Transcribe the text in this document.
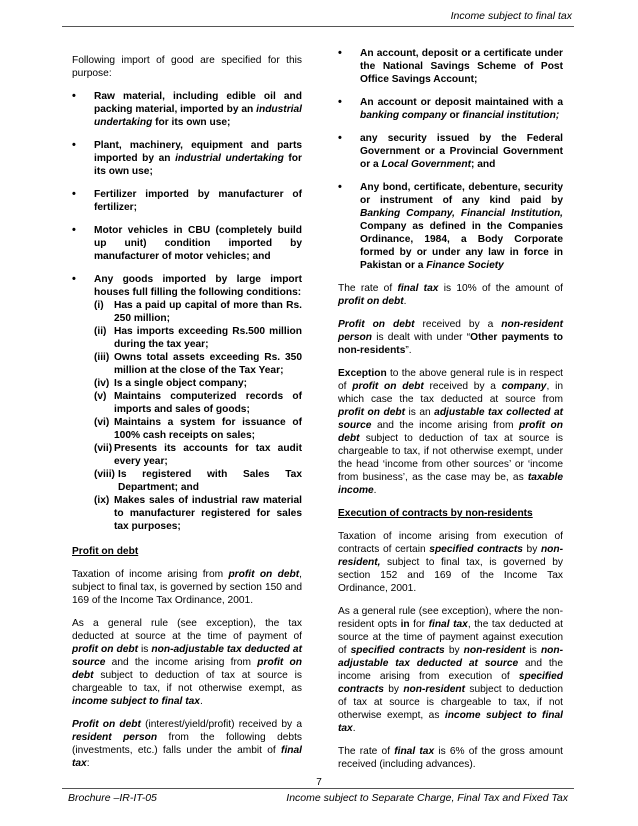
Income subject to final tax

Following import of good are specified for this purpose:

• Raw material, including edible oil and packing material, imported by an industrial undertaking for its own use;
• Plant, machinery, equipment and parts imported by an industrial undertaking for its own use;
• Fertilizer imported by manufacturer of fertilizer;
• Motor vehicles in CBU (completely build up unit) condition imported by manufacturer of motor vehicles; and
• Any goods imported by large import houses full filling the following conditions:
(i) Has a paid up capital of more than Rs. 250 million;
(ii) Has imports exceeding Rs.500 million during the tax year;
(iii) Owns total assets exceeding Rs. 350 million at the close of the Tax Year;
(iv) Is a single object company;
(v) Maintains computerized records of imports and sales of goods;
(vi) Maintains a system for issuance of 100% cash receipts on sales;
(vii) Presents its accounts for tax audit every year;
(viii) Is registered with Sales Tax Department; and
(ix) Makes sales of industrial raw material to manufacturer registered for sales tax purposes;
Profit on debt

Taxation of income arising from profit on debt, subject to final tax, is governed by section 150 and 169 of the Income Tax Ordinance, 2001.

As a general rule (see exception), the tax deducted at source at the time of payment of profit on debt is non-adjustable tax deducted at source and the income arising from profit on debt subject to deduction of tax at source is chargeable to tax, if not otherwise exempt, as income subject to final tax.

Profit on debt (interest/yield/profit) received by a resident person from the following debts (investments, etc.) falls under the ambit of final tax:

• An account, deposit or a certificate under the National Savings Scheme of Post Office Savings Account;
• An account or deposit maintained with a banking company or financial institution;
• any security issued by the Federal Government or a Provincial Government or a Local Government; and
• Any bond, certificate, debenture, security or instrument of any kind paid by Banking Company, Financial Institution, Company as defined in the Companies Ordinance, 1984, a Body Corporate formed by or under any law in force in Pakistan or a Finance Society

The rate of final tax is 10% of the amount of profit on debt.

Profit on debt received by a non-resident person is dealt with under “Other payments to non-residents”.

Exception to the above general rule is in respect of profit on debt received by a company, in which case the tax deducted at source from profit on debt is an adjustable tax collected at source and the income arising from profit on debt subject to deduction of tax at source is chargeable to tax, if not otherwise exempt, under the head ‘income from other sources’ or ‘income from business’, as the case may be, as taxable income.

Execution of contracts by non-residents

Taxation of income arising from execution of contracts of certain specified contracts by non-resident, subject to final tax, is governed by section 152 and 169 of the Income Tax Ordinance, 2001.

As a general rule (see exception), where the non-resident opts in for final tax, the tax deducted at source at the time of payment against execution of specified contracts by non-resident is non-adjustable tax deducted at source and the income arising from execution of specified contracts by non-resident subject to deduction of tax at source is chargeable to tax, if not otherwise exempt, as income subject to final tax.

The rate of final tax is 6% of the gross amount received (including advances).

7
Brochure –IR-IT-05	Income subject to Separate Charge, Final Tax and Fixed Tax
